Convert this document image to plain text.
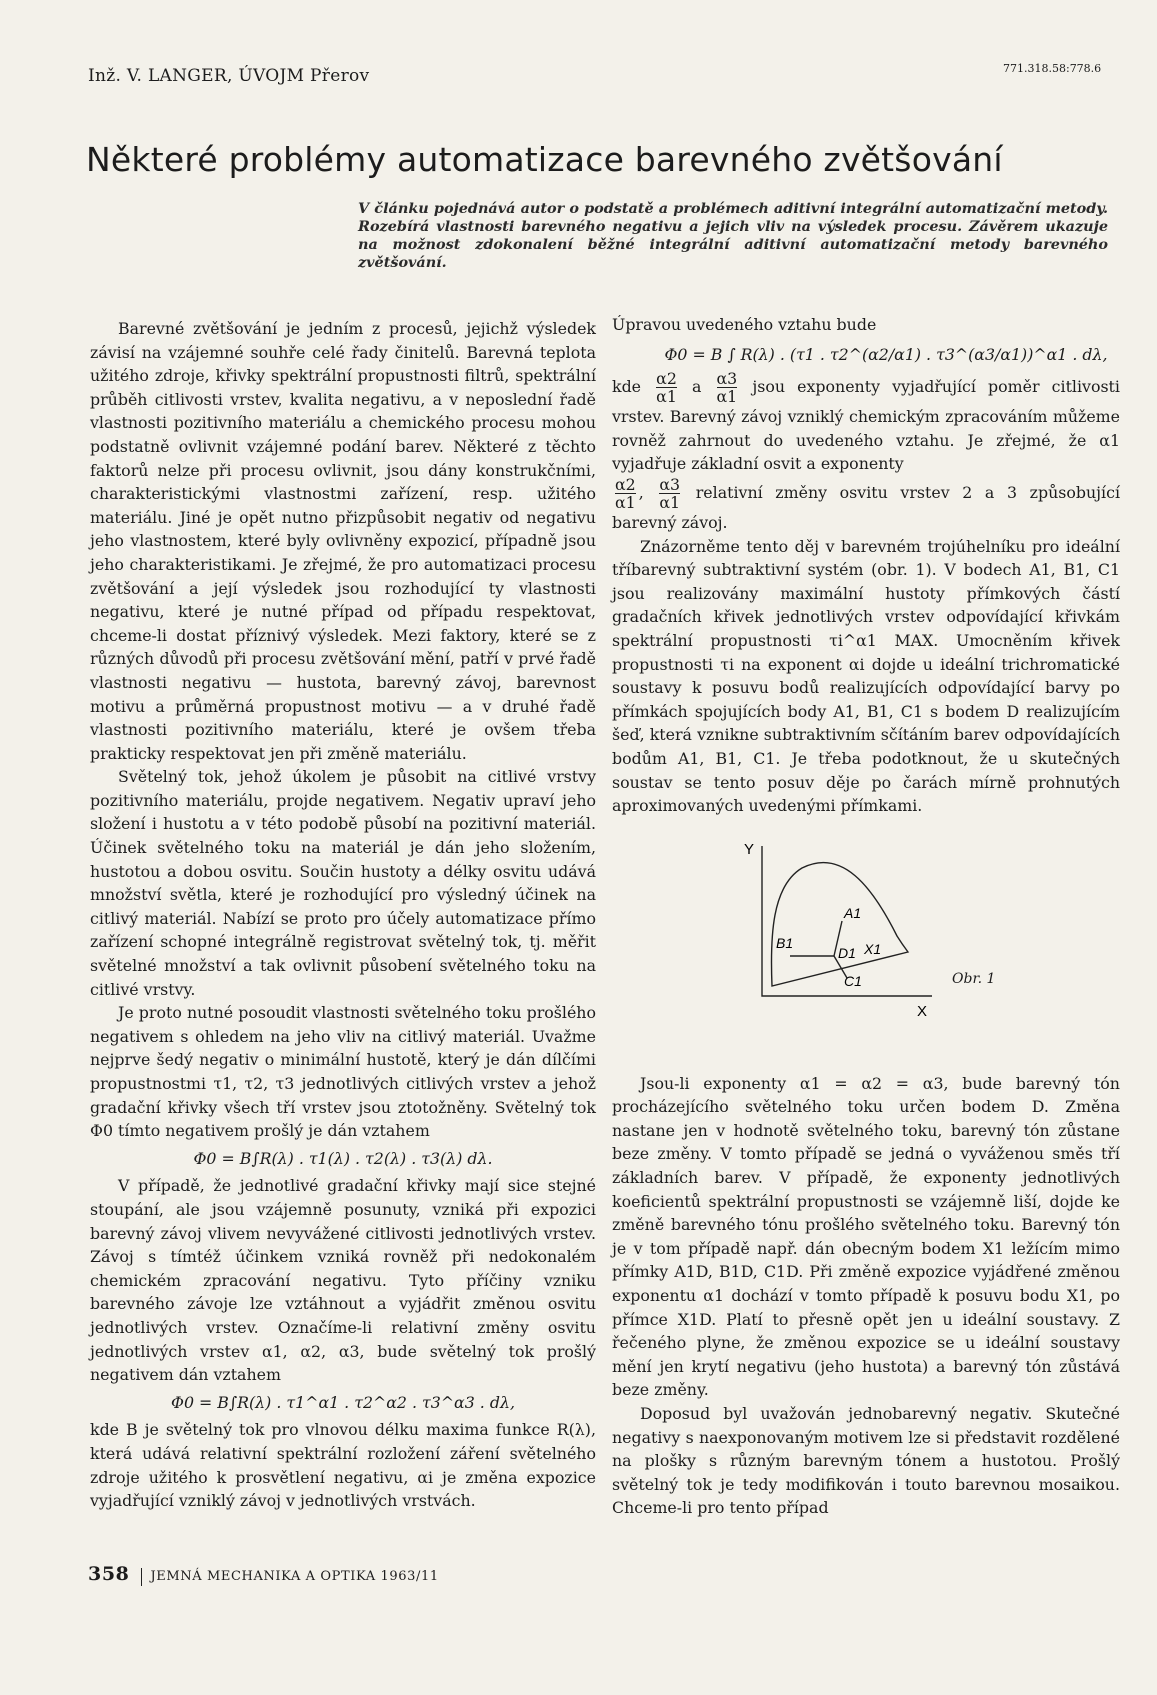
Inž. V. LANGER, ÚVOJM Přerov	771.318.58:778.6
Některé problémy automatizace barevného zvětšování

V článku pojednává autor o podstatě a problémech aditivní integrální automatizační metody. Rozebírá vlastnosti barevného negativu a jejich vliv na výsledek procesu. Závěrem ukazuje na možnost zdokonalení běžné integrální aditivní automatizační metody barevného zvětšování.

Barevné zvětšování je jedním z procesů, jejichž výsledek závisí na vzájemné souhře celé řady činitelů. Barevná teplota užitého zdroje, křivky spektrální propustnosti filtrů, spektrální průběh citlivosti vrstev, kvalita negativu, a v neposlední řadě vlastnosti pozitivního materiálu a chemického procesu mohou podstatně ovlivnit vzájemné podání barev. Některé z těchto faktorů nelze při procesu ovlivnit, jsou dány konstrukčními, charakteristickými vlastnostmi zařízení, resp. užitého materiálu. Jiné je opět nutno přizpůsobit negativ od negativu jeho vlastnostem, které byly ovlivněny expozicí, případně jsou jeho charakteristikami. Je zřejmé, že pro automatizaci procesu zvětšování a její výsledek jsou rozhodující ty vlastnosti negativu, které je nutné případ od případu respektovat, chceme-li dostat příznivý výsledek. Mezi faktory, které se z různých důvodů při procesu zvětšování mění, patří v prvé řadě vlastnosti negativu — hustota, barevný závoj, barevnost motivu a průměrná propustnost motivu — a v druhé řadě vlastnosti pozitivního materiálu, které je ovšem třeba prakticky respektovat jen při změně materiálu.

Světelný tok, jehož úkolem je působit na citlivé vrstvy pozitivního materiálu, projde negativem. Negativ upraví jeho složení i hustotu a v této podobě působí na pozitivní materiál. Účinek světelného toku na materiál je dán jeho složením, hustotou a dobou osvitu. Součin hustoty a délky osvitu udává množství světla, které je rozhodující pro výsledný účinek na citlivý materiál. Nabízí se proto pro účely automatizace přímo zařízení schopné integrálně registrovat světelný tok, tj. měřit světelné množství a tak ovlivnit působení světelného toku na citlivé vrstvy.

Je proto nutné posoudit vlastnosti světelného toku prošlého negativem s ohledem na jeho vliv na citlivý materiál. Uvažme nejprve šedý negativ o minimální hustotě, který je dán dílčími propustnostmi τ1, τ2, τ3 jednotlivých citlivých vrstev a jehož gradační křivky všech tří vrstev jsou ztotožněny. Světelný tok Φ0 tímto negativem prošlý je dán vztahem

Φ0 = B∫R(λ) . τ1(λ) . τ2(λ) . τ3(λ) dλ.

V případě, že jednotlivé gradační křivky mají sice stejné stoupání, ale jsou vzájemně posunuty, vzniká při expozici barevný závoj vlivem nevyvážené citlivosti jednotlivých vrstev. Závoj s tímtéž účinkem vzniká rovněž při nedokonalém chemickém zpracování negativu. Tyto příčiny vzniku barevného závoje lze vztáhnout a vyjádřit změnou osvitu jednotlivých vrstev. Označíme-li relativní změny osvitu jednotlivých vrstev α1, α2, α3, bude světelný tok prošlý negativem dán vztahem

Φ0 = B∫R(λ) . τ1^α1 . τ2^α2 . τ3^α3 . dλ,

kde B je světelný tok pro vlnovou délku maxima funkce R(λ), která udává relativní spektrální rozložení záření světelného zdroje užitého k prosvětlení negativu, αi je změna expozice vyjadřující vzniklý závoj v jednotlivých vrstvách.

Úpravou uvedeného vztahu bude

Φ0 = B ∫ R(λ) . (τ1 . τ2^(α2/α1) . τ3^(α3/α1))^α1 . dλ,

kde $\frac{\alpha 2}{\alpha 1}$ a $\frac{\alpha 3}{\alpha 1}$ jsou exponenty vyjadřující poměr citlivosti vrstev. Barevný závoj vzniklý chemickým zpracováním můžeme rovněž zahrnout do uvedeného vztahu. Je zřejmé, že α1 vyjadřuje základní osvit a exponenty

$\frac{\alpha 2}{\alpha 1}$ , $\frac{\alpha 3}{\alpha 1}$ relativní změny osvitu vrstev 2 a 3 způsobující barevný závoj.

Znázorněme tento děj v barevném trojúhelníku pro ideální tříbarevný subtraktivní systém (obr. 1). V bodech A1, B1, C1 jsou realizovány maximální hustoty přímkových částí gradačních křivek jednotlivých vrstev odpovídající křivkám spektrální propustnosti τi^α1 MAX. Umocněním křivek propustnosti τi na exponent αi dojde u ideální trichromatické soustavy k posuvu bodů realizujících odpovídající barvy po přímkách spojujících body A1, B1, C1 s bodem D realizujícím šeď, která vznikne subtraktivním sčítáním barev odpovídajících bodům A1, B1, C1. Je třeba podotknout, že u skutečných soustav se tento posuv děje po čarách mírně prohnutých aproximovaných uvedenými přímkami.

Y
X
A1
B1
D1 X1
C1	Obr. 1

Jsou-li exponenty α1 = α2 = α3, bude barevný tón procházejícího světelného toku určen bodem D. Změna nastane jen v hodnotě světelného toku, barevný tón zůstane beze změny. V tomto případě se jedná o vyváženou směs tří základních barev. V případě, že exponenty jednotlivých koeficientů spektrální propustnosti se vzájemně liší, dojde ke změně barevného tónu prošlého světelného toku. Barevný tón je v tom případě např. dán obecným bodem X1 ležícím mimo přímky A1D, B1D, C1D. Při změně expozice vyjádřené změnou exponentu α1 dochází v tomto případě k posuvu bodu X1, po přímce X1D. Platí to přesně opět jen u ideální soustavy. Z řečeného plyne, že změnou expozice se u ideální soustavy mění jen krytí negativu (jeho hustota) a barevný tón zůstává beze změny.

Doposud byl uvažován jednobarevný negativ. Skutečné negativy s naexponovaným motivem lze si představit rozdělené na plošky s různým barevným tónem a hustotou. Prošlý světelný tok je tedy modifikován i touto barevnou mosaikou. Chceme-li pro tento případ

358 JEMNÁ MECHANIKA A OPTIKA 1963/11
